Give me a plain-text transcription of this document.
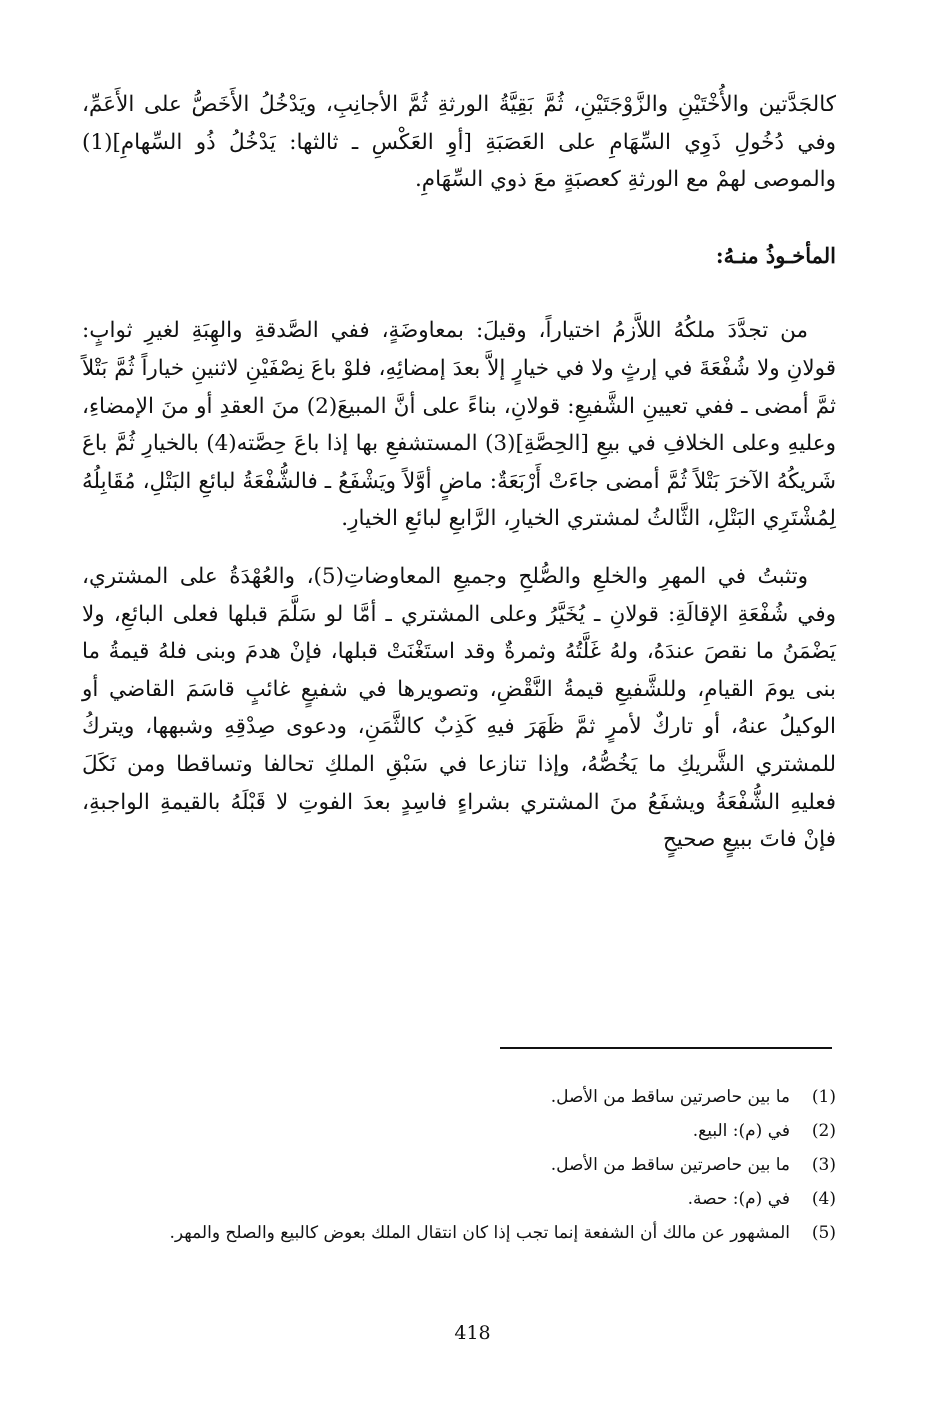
كالجَدَّتين والأُخْتَيْنِ والزَّوْجَتَيْنِ، ثُمَّ بَقِيَّةُ الورثةِ ثُمَّ الأجانِبِ، ويَدْخُلُ الأَخَصُّ على الأَعَمِّ، وفي دُخُولِ ذَوِي السِّهَامِ على العَصَبَةِ [أوِ العَكْسِ ـ ثالثها: يَدْخُلُ ذُو السِّهامِ](1) والموصى لهمْ مع الورثةِ كعصبَةٍ معَ ذوي السِّهَامِ.

المأخـوذُ منـهُ:

من تجدَّدَ ملكُهُ اللاَّزمُ اختياراً، وقيلَ: بمعاوضَةٍ، ففي الصَّدقةِ والهِبَةِ لغيرِ ثوابٍ: قولانِ ولا شُفْعَةَ في إرثٍ ولا في خيارٍ إلاَّ بعدَ إمضائِهِ، فلوْ باعَ نِصْفَيْنِ لاثنينِ خياراً ثُمَّ بَتْلاً ثمَّ أمضى ـ ففي تعيينِ الشَّفيعِ: قولانِ، بناءً على أنَّ المبيعَ(2) منَ العقدِ أو منَ الإمضاءِ، وعليهِ وعلى الخلافِ في بيعِ [الحِصَّةِ](3) المستشفعِ بها إذا باعَ حِصَّته(4) بالخيارِ ثُمَّ باعَ شَريكُهُ الآخرَ بَتْلاً ثُمَّ أمضى جاءَتْ أَرْبَعَةٌ: ماضٍ أوَّلاً ويَشْفَعُ ـ فالشُّفْعَةُ لبائعِ البَتْلِ، مُقَابِلُهُ لِمُشْتَرِي البَتْلِ، الثَّالثُ لمشتري الخيارِ، الرَّابعِ لبائعِ الخيارِ.

وتثبتُ في المهرِ والخلعِ والصُّلحِ وجميعِ المعاوضاتِ(5)، والعُهْدَةُ على المشتري، وفي شُفْعَةِ الإقالَةِ: قولانِ ـ يُخَيَّرُ وعلى المشتري ـ أمَّا لو سَلَّمَ قبلها فعلى البائعِ، ولا يَضْمَنُ ما نقصَ عندَهُ، ولهُ غَلَّتُهُ وثمرةٌ وقد استَغْنَتْ قبلها، فإنْ هدمَ وبنى فلهُ قيمةُ ما بنى يومَ القيامِ، وللشَّفيعِ قيمةُ النَّقْضِ، وتصويرها في شفيعٍ غائبٍ قاسَمَ القاضي أو الوكيلُ عنهُ، أو تاركٌ لأمرٍ ثمَّ ظَهَرَ فيهِ كَذِبٌ كالثَّمَنِ، ودعوى صِدْقِهِ وشبهها، ويتركُ للمشتري الشَّريكِ ما يَخُصُّهُ، وإذا تنازعا في سَبْقِ الملكِ تحالفا وتساقطا ومن نَكَلَ فعليهِ الشُّفْعَةُ ويشفَعُ منَ المشتري بشراءٍ فاسِدٍ بعدَ الفوتِ لا قَبْلَهُ بالقيمةِ الواجبةِ، فإنْ فاتَ ببيعٍ صحيحٍ

(1)
ما بين حاصرتين ساقط من الأصل.
(2)
في (م): البيع.
(3)
ما بين حاصرتين ساقط من الأصل.
(4)
في (م): حصة.
(5)
المشهور عن مالك أن الشفعة إنما تجب إذا كان انتقال الملك بعوض كالبيع والصلح والمهر.
418
